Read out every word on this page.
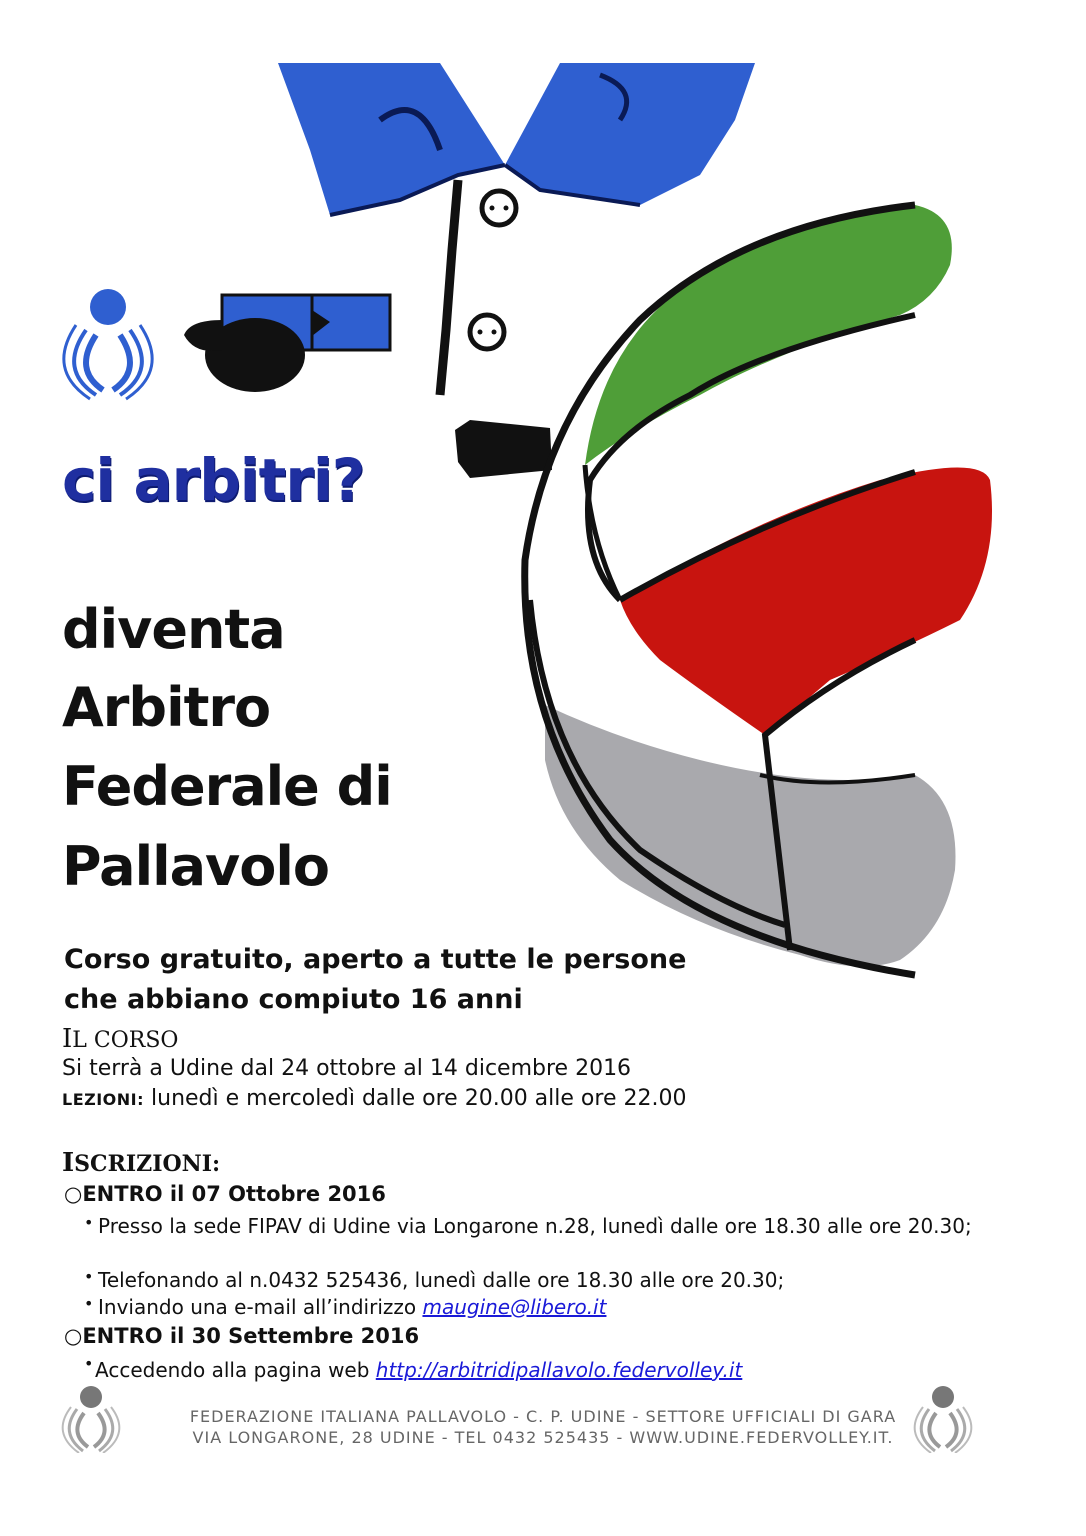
ci arbitri?
diventa
Arbitro
Federale di
Pallavolo
Corso gratuito, aperto a tutte le persone
che abbiano compiuto 16 anni
IL CORSO
Si terrà a Udine dal 24 ottobre al 14 dicembre 2016
LEZIONI: lunedì e mercoledì dalle ore 20.00 alle ore 22.00
ISCRIZIONI:
○ENTRO il 07 Ottobre 2016
• Presso la sede FIPAV di Udine via Longarone n.28, lunedì dalle ore 18.30 alle ore 20.30;
• Telefonando al n.0432 525436, lunedì dalle ore 18.30 alle ore 20.30;
• Inviando una e-mail all’indirizzo maugine@libero.it
○ENTRO il 30 Settembre 2016
• Accedendo alla pagina web http://arbitridipallavolo.federvolley.it
FEDERAZIONE ITALIANA PALLAVOLO - C. P. UDINE - SETTORE UFFICIALI DI GARA
VIA LONGARONE, 28 UDINE - TEL 0432 525435 - WWW.UDINE.FEDERVOLLEY.IT.
